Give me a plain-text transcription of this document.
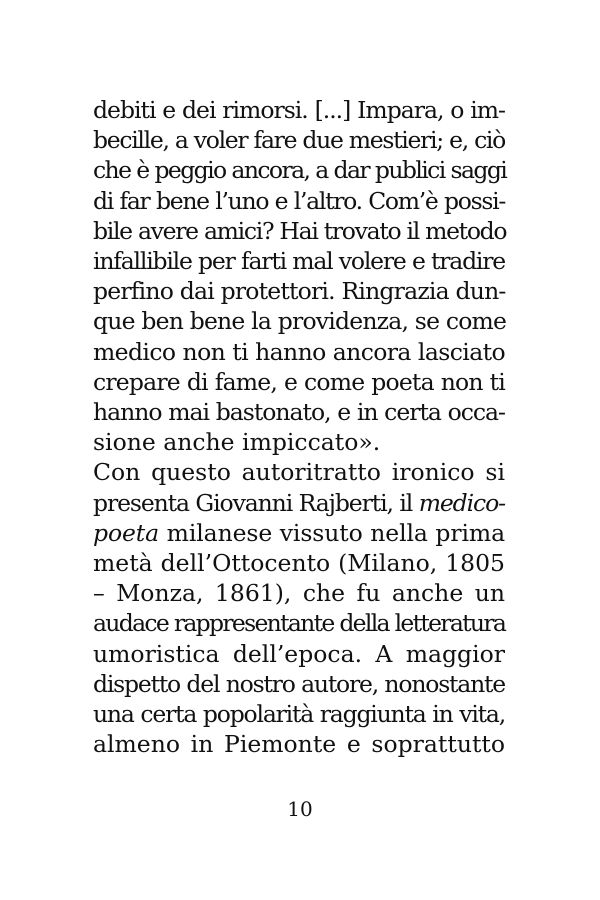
debiti e dei rimorsi. [...] Impara, o im-
becille, a voler fare due mestieri; e, ciò
che è peggio ancora, a dar publici saggi
di far bene l’uno e l’altro. Com’è possi-
bile avere amici? Hai trovato il metodo
infallibile per farti mal volere e tradire
perfino dai protettori. Ringrazia dun-
que ben bene la providenza, se come
medico non ti hanno ancora lasciato
crepare di fame, e come poeta non ti
hanno mai bastonato, e in certa occa-
sione anche impiccato».
Con questo autoritratto ironico si
presenta Giovanni Rajberti, il medico-
poeta milanese vissuto nella prima
metà dell’Ottocento (Milano, 1805
– Monza, 1861), che fu anche un
audace rappresentante della letteratura
umoristica dell’epoca. A maggior
dispetto del nostro autore, nonostante
una certa popolarità raggiunta in vita,
almeno in Piemonte e soprattutto
10
